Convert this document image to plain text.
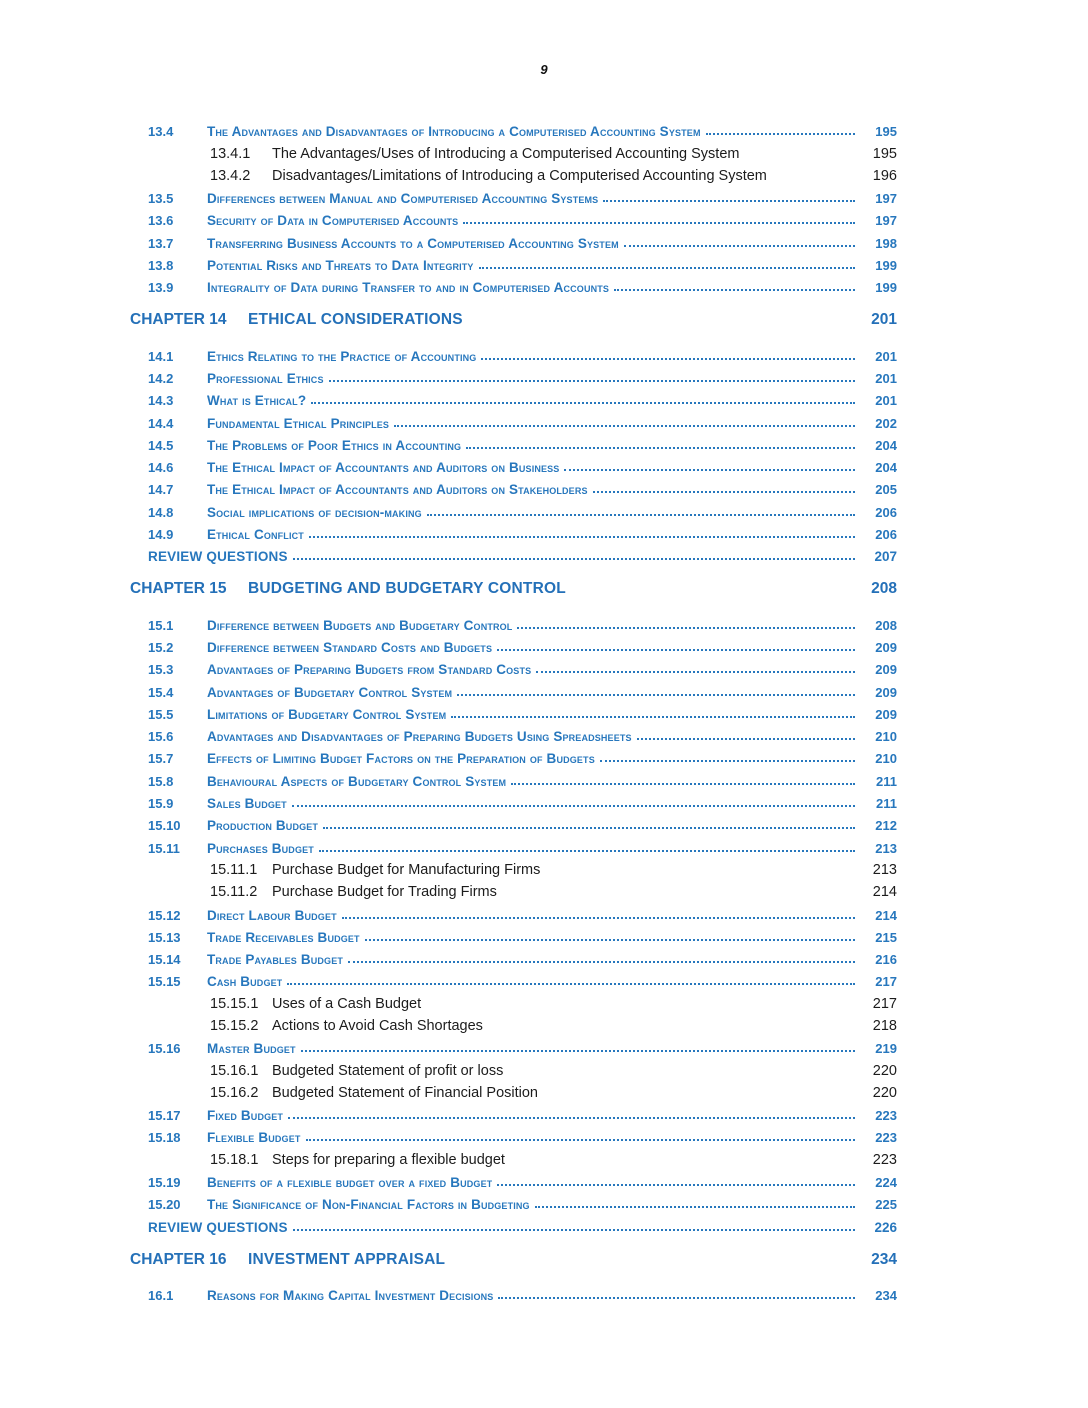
9
13.4	The Advantages and Disadvantages of Introducing a Computerised Accounting System	195
13.4.1	The Advantages/Uses of Introducing a Computerised Accounting System	195
13.4.2	Disadvantages/Limitations of Introducing a Computerised Accounting System	196
13.5	Differences between Manual and Computerised Accounting Systems	197
13.6	Security of Data in Computerised Accounts	197
13.7	Transferring Business Accounts to a Computerised Accounting System	198
13.8	Potential Risks and Threats to Data Integrity	199
13.9	Integrality of Data during Transfer to and in Computerised Accounts	199
CHAPTER 14	ETHICAL CONSIDERATIONS	201
14.1	Ethics Relating to the Practice of Accounting	201
14.2	Professional Ethics	201
14.3	What is Ethical?	201
14.4	Fundamental Ethical Principles	202
14.5	The Problems of Poor Ethics in Accounting	204
14.6	The Ethical Impact of Accountants and Auditors on Business	204
14.7	The Ethical Impact of Accountants and Auditors on Stakeholders	205
14.8	Social implications of decision-making	206
14.9	Ethical Conflict	206
REVIEW QUESTIONS	207
CHAPTER 15	BUDGETING AND BUDGETARY CONTROL	208
15.1	Difference between Budgets and Budgetary Control	208
15.2	Difference between Standard Costs and Budgets	209
15.3	Advantages of Preparing Budgets from Standard Costs	209
15.4	Advantages of Budgetary Control System	209
15.5	Limitations of Budgetary Control System	209
15.6	Advantages and Disadvantages of Preparing Budgets Using Spreadsheets	210
15.7	Effects of Limiting Budget Factors on the Preparation of Budgets	210
15.8	Behavioural Aspects of Budgetary Control System	211
15.9	Sales Budget	211
15.10	Production Budget	212
15.11	Purchases Budget	213
15.11.1	Purchase Budget for Manufacturing Firms	213
15.11.2	Purchase Budget for Trading Firms	214
15.12	Direct Labour Budget	214
15.13	Trade Receivables Budget	215
15.14	Trade Payables Budget	216
15.15	Cash Budget	217
15.15.1 Uses of a Cash Budget	217
15.15.2 Actions to Avoid Cash Shortages	218
15.16	Master Budget	219
15.16.1 Budgeted Statement of profit or loss	220
15.16.2 Budgeted Statement of Financial Position	220
15.17	Fixed Budget	223
15.18	Flexible Budget	223
15.18.1 Steps for preparing a flexible budget	223
15.19	Benefits of a flexible budget over a fixed Budget	224
15.20	The Significance of Non-Financial Factors in Budgeting	225
REVIEW QUESTIONS	226
CHAPTER 16	INVESTMENT APPRAISAL	234
16.1	Reasons for Making Capital Investment Decisions	234
